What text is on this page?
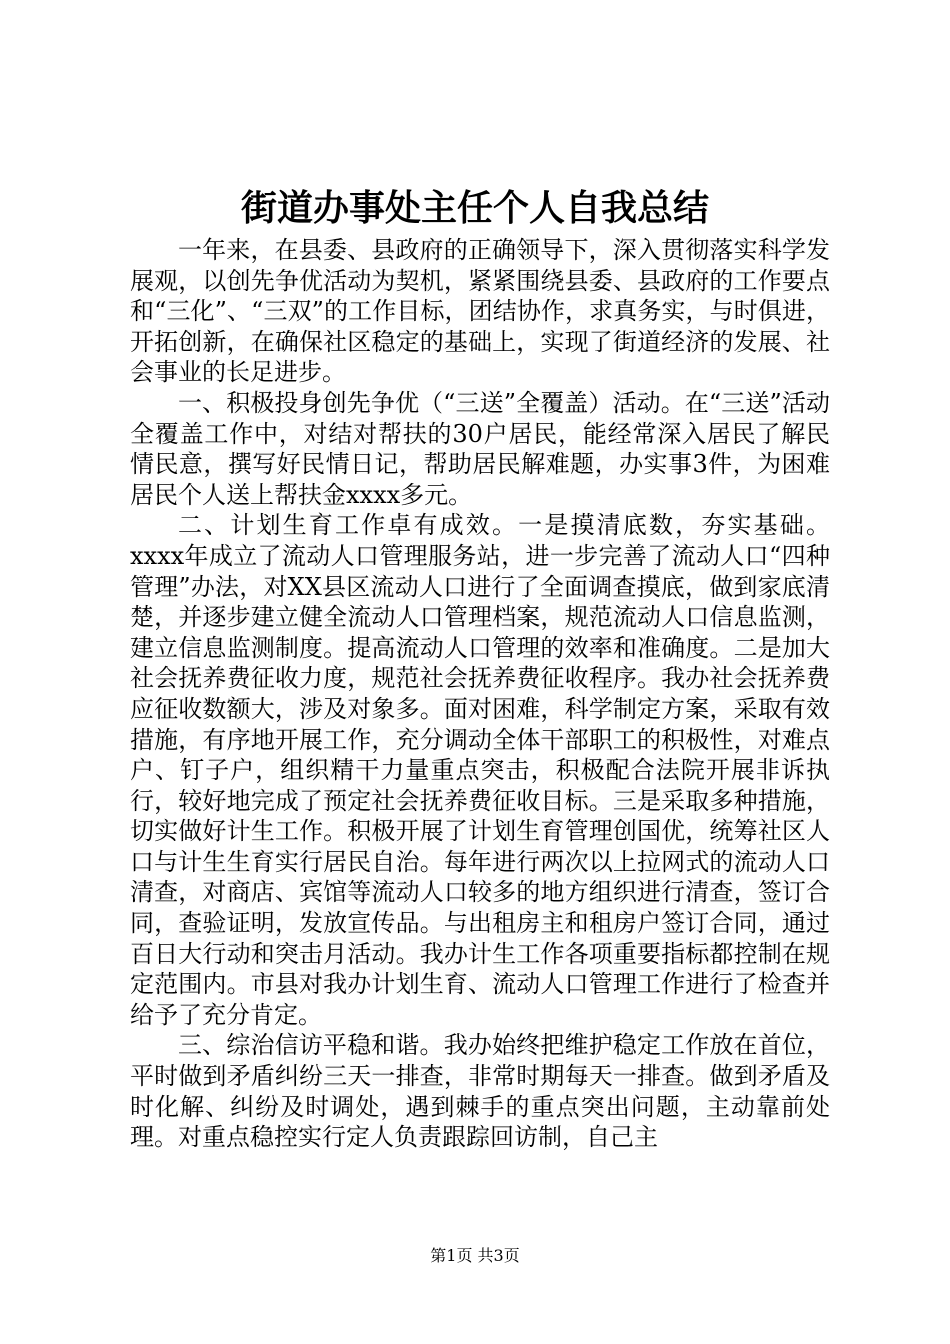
街道办事处主任个人自我总结

一年来，在县委、县政府的正确领导下，深入贯彻落实科学发展观，以创先争优活动为契机，紧紧围绕县委、县政府的工作要点和“三化”、“三双”的工作目标，团结协作，求真务实，与时俱进，开拓创新，在确保社区稳定的基础上，实现了街道经济的发展、社会事业的长足进步。

一、积极投身创先争优（“三送”全覆盖）活动。在“三送”活动全覆盖工作中，对结对帮扶的30户居民，能经常深入居民了解民情民意，撰写好民情日记，帮助居民解难题，办实事3件，为困难居民个人送上帮扶金xxxx多元。

二、计划生育工作卓有成效。一是摸清底数，夯实基础。xxxx年成立了流动人口管理服务站，进一步完善了流动人口“四种管理”办法，对XX县区流动人口进行了全面调查摸底，做到家底清楚，并逐步建立健全流动人口管理档案，规范流动人口信息监测，建立信息监测制度。提高流动人口管理的效率和准确度。二是加大社会抚养费征收力度，规范社会抚养费征收程序。我办社会抚养费应征收数额大，涉及对象多。面对困难，科学制定方案，采取有效措施，有序地开展工作，充分调动全体干部职工的积极性，对难点户、钉子户，组织精干力量重点突击，积极配合法院开展非诉执行，较好地完成了预定社会抚养费征收目标。三是采取多种措施，切实做好计生工作。积极开展了计划生育管理创国优，统筹社区人口与计生生育实行居民自治。每年进行两次以上拉网式的流动人口清查，对商店、宾馆等流动人口较多的地方组织进行清查，签订合同，查验证明，发放宣传品。与出租房主和租房户签订合同，通过百日大行动和突击月活动。我办计生工作各项重要指标都控制在规定范围内。市县对我办计划生育、流动人口管理工作进行了检查并给予了充分肯定。

三、综治信访平稳和谐。我办始终把维护稳定工作放在首位，平时做到矛盾纠纷三天一排查，非常时期每天一排查。做到矛盾及时化解、纠纷及时调处，遇到棘手的重点突出问题，主动靠前处理。对重点稳控实行定人负责跟踪回访制，自己主

第1页 共3页
